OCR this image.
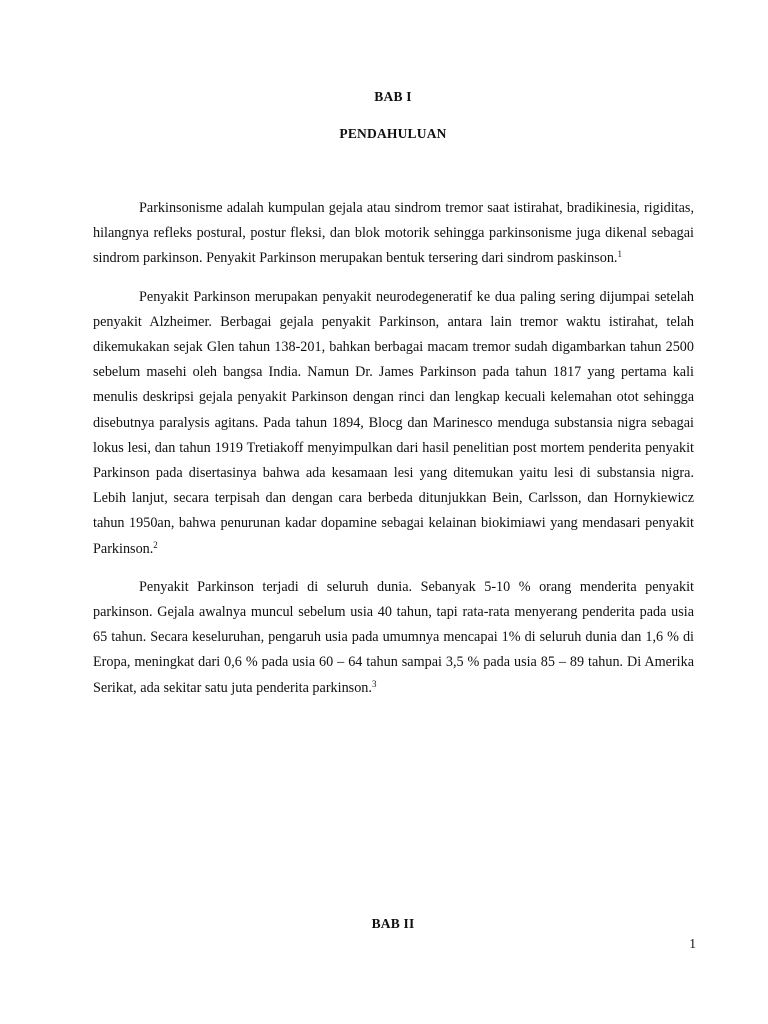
BAB I
PENDAHULUAN

Parkinsonisme adalah kumpulan gejala atau sindrom tremor saat istirahat, bradikinesia, rigiditas, hilangnya refleks postural, postur fleksi, dan blok motorik sehingga parkinsonisme juga dikenal sebagai sindrom parkinson. Penyakit Parkinson merupakan bentuk tersering dari sindrom paskinson.$^1$

Penyakit Parkinson merupakan penyakit neurodegeneratif ke dua paling sering dijumpai setelah penyakit Alzheimer. Berbagai gejala penyakit Parkinson, antara lain tremor waktu istirahat, telah dikemukakan sejak Glen tahun 138-201, bahkan berbagai macam tremor sudah digambarkan tahun 2500 sebelum masehi oleh bangsa India. Namun Dr. James Parkinson pada tahun 1817 yang pertama kali menulis deskripsi gejala penyakit Parkinson dengan rinci dan lengkap kecuali kelemahan otot sehingga disebutnya paralysis agitans. Pada tahun 1894, Blocg dan Marinesco menduga substansia nigra sebagai lokus lesi, dan tahun 1919 Tretiakoff menyimpulkan dari hasil penelitian post mortem penderita penyakit Parkinson pada disertasinya bahwa ada kesamaan lesi yang ditemukan yaitu lesi di substansia nigra. Lebih lanjut, secara terpisah dan dengan cara berbeda ditunjukkan Bein, Carlsson, dan Hornykiewicz tahun 1950an, bahwa penurunan kadar dopamine sebagai kelainan biokimiawi yang mendasari penyakit Parkinson.$^2$

Penyakit Parkinson terjadi di seluruh dunia. Sebanyak 5-10 % orang menderita penyakit parkinson. Gejala awalnya muncul sebelum usia 40 tahun, tapi rata-rata menyerang penderita pada usia 65 tahun. Secara keseluruhan, pengaruh usia pada umumnya mencapai 1% di seluruh dunia dan 1,6 % di Eropa, meningkat dari 0,6 % pada usia 60 – 64 tahun sampai 3,5 % pada usia 85 – 89 tahun. Di Amerika Serikat, ada sekitar satu juta penderita parkinson.$^3$

BAB II
1
